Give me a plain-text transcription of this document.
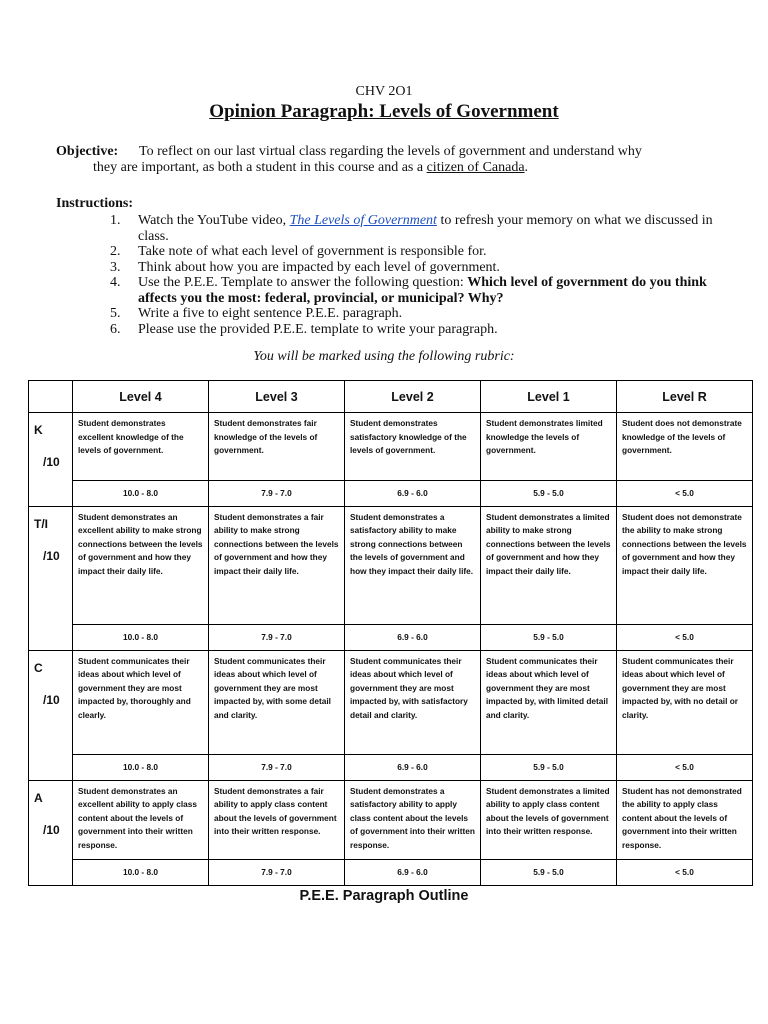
CHV 2O1
Opinion Paragraph: Levels of Government
Objective: To reflect on our last virtual class regarding the levels of government and understand why
they are important, as both a student in this course and as a citizen of Canada.
Instructions:
1. Watch the YouTube video, The Levels of Government to refresh your memory on what we discussed in class.
2. Take note of what each level of government is responsible for.
3. Think about how you are impacted by each level of government.
4. Use the P.E.E. Template to answer the following question: Which level of government do you think affects you the most: federal, provincial, or municipal? Why?
5. Write a five to eight sentence P.E.E. paragraph.
6. Please use the provided P.E.E. template to write your paragraph.
You will be marked using the following rubric:
	Level 4	Level 3	Level 2	Level 1	Level R

K
/10	Student demonstrates excellent knowledge of the levels of government.	Student demonstrates fair knowledge of the levels of government.	Student demonstrates satisfactory knowledge of the levels of government.	Student demonstrates limited knowledge the levels of government.	Student does not demonstrate knowledge of the levels of government.
	10.0 - 8.0	7.9 - 7.0	6.9 - 6.0	5.9 - 5.0	< 5.0

T/I
/10	Student demonstrates an excellent ability to make strong connections between the levels of government and how they impact their daily life.	Student demonstrates a fair ability to make strong connections between the levels of government and how they impact their daily life.	Student demonstrates a satisfactory ability to make strong connections between the levels of government and how they impact their daily life.	Student demonstrates a limited ability to make strong connections between the levels of government and how they impact their daily life.	Student does not demonstrate the ability to make strong connections between the levels of government and how they impact their daily life.
	10.0 - 8.0	7.9 - 7.0	6.9 - 6.0	5.9 - 5.0	< 5.0

C
/10	Student communicates their ideas about which level of government they are most impacted by, thoroughly and clearly.	Student communicates their ideas about which level of government they are most impacted by, with some detail and clarity.	Student communicates their ideas about which level of government they are most impacted by, with satisfactory detail and clarity.	Student communicates their ideas about which level of government they are most impacted by, with limited detail and clarity.	Student communicates their ideas about which level of government they are most impacted by, with no detail or clarity.
	10.0 - 8.0	7.9 - 7.0	6.9 - 6.0	5.9 - 5.0	< 5.0

A
/10	Student demonstrates an excellent ability to apply class content about the levels of government into their written response.	Student demonstrates a fair ability to apply class content about the levels of government into their written response.	Student demonstrates a satisfactory ability to apply class content about the levels of government into their written response.	Student demonstrates a limited ability to apply class content about the levels of government into their written response.	Student has not demonstrated the ability to apply class content about the levels of government into their written response.
	10.0 - 8.0	7.9 - 7.0	6.9 - 6.0	5.9 - 5.0	< 5.0
P.E.E. Paragraph Outline
